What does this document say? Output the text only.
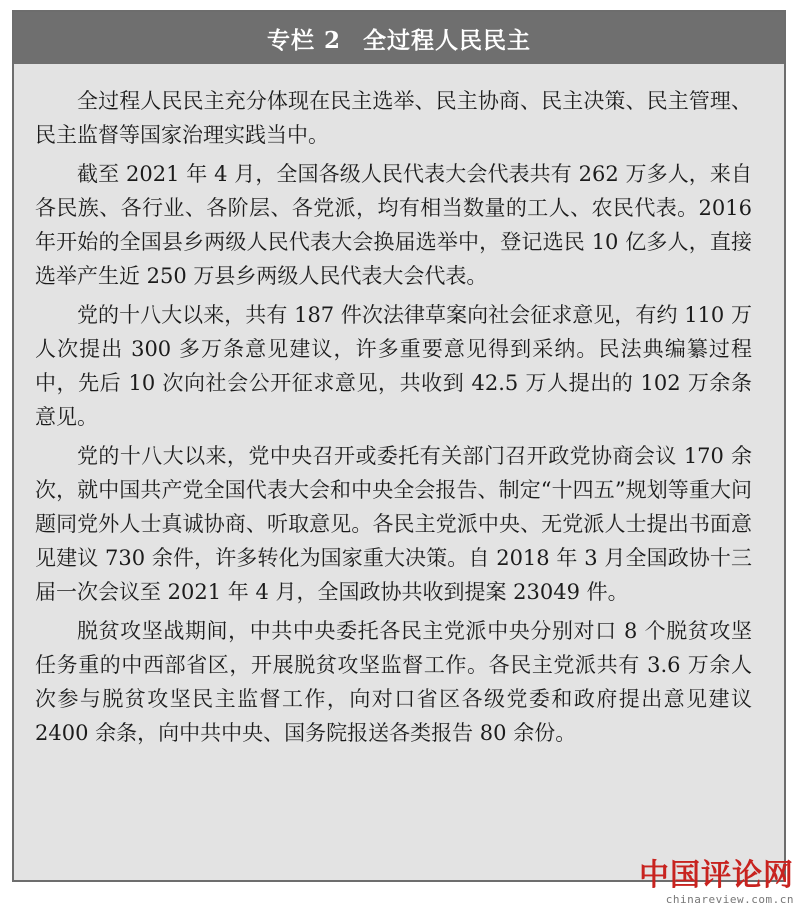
专栏 2 全过程人民民主

全过程人民民主充分体现在民主选举、民主协商、民主决策、民主管理、民主监督等国家治理实践当中。

截至 2021 年 4 月，全国各级人民代表大会代表共有 262 万多人，来自各民族、各行业、各阶层、各党派，均有相当数量的工人、农民代表。2016 年开始的全国县乡两级人民代表大会换届选举中，登记选民 10 亿多人，直接选举产生近 250 万县乡两级人民代表大会代表。

党的十八大以来，共有 187 件次法律草案向社会征求意见，有约 110 万人次提出 300 多万条意见建议，许多重要意见得到采纳。民法典编纂过程中，先后 10 次向社会公开征求意见，共收到 42.5 万人提出的 102 万余条意见。

党的十八大以来，党中央召开或委托有关部门召开政党协商会议 170 余次，就中国共产党全国代表大会和中央全会报告、制定“十四五”规划等重大问题同党外人士真诚协商、听取意见。各民主党派中央、无党派人士提出书面意见建议 730 余件，许多转化为国家重大决策。自 2018 年 3 月全国政协十三届一次会议至 2021 年 4 月，全国政协共收到提案 23049 件。

脱贫攻坚战期间，中共中央委托各民主党派中央分别对口 8 个脱贫攻坚任务重的中西部省区，开展脱贫攻坚监督工作。各民主党派共有 3.6 万余人次参与脱贫攻坚民主监督工作，向对口省区各级党委和政府提出意见建议 2400 余条，向中共中央、国务院报送各类报告 80 余份。

中国评论网
chinareview.com.cn
